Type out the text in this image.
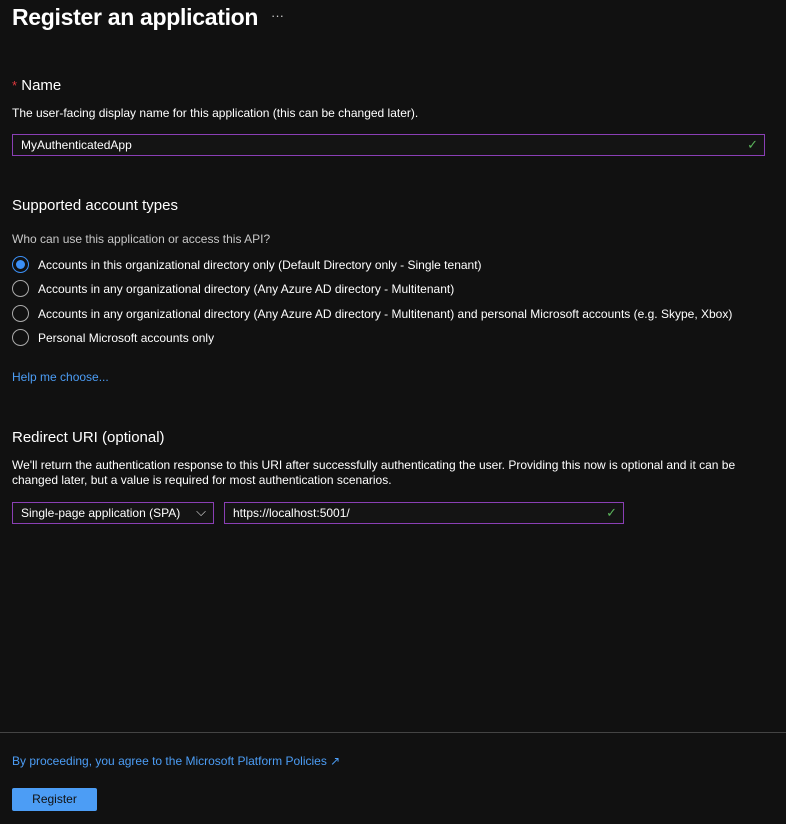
Register an application ···
* Name
The user-facing display name for this application (this can be changed later).
MyAuthenticatedApp	✓
Supported account types
Who can use this application or access this API?
Accounts in this organizational directory only (Default Directory only - Single tenant)
Accounts in any organizational directory (Any Azure AD directory - Multitenant)
Accounts in any organizational directory (Any Azure AD directory - Multitenant) and personal Microsoft accounts (e.g. Skype, Xbox)
Personal Microsoft accounts only
Help me choose...
Redirect URI (optional)
We'll return the authentication response to this URI after successfully authenticating the user. Providing this now is optional and it can be changed later, but a value is required for most authentication scenarios.
Single-page application (SPA) ⌵	https://localhost:5001/	✓
By proceeding, you agree to the Microsoft Platform Policies ↗
Register
